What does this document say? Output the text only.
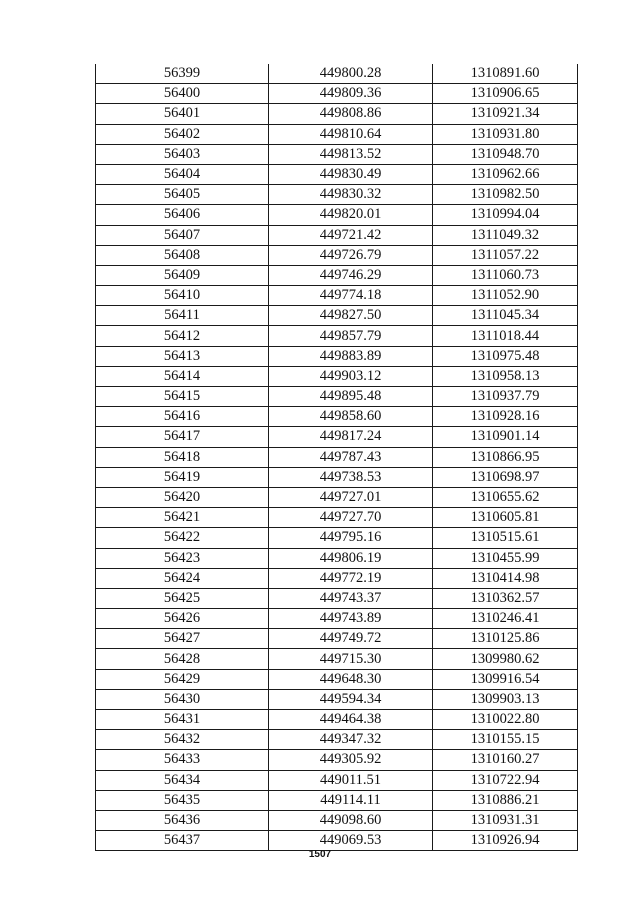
56399	449800.28	1310891.60
56400	449809.36	1310906.65
56401	449808.86	1310921.34
56402	449810.64	1310931.80
56403	449813.52	1310948.70
56404	449830.49	1310962.66
56405	449830.32	1310982.50
56406	449820.01	1310994.04
56407	449721.42	1311049.32
56408	449726.79	1311057.22
56409	449746.29	1311060.73
56410	449774.18	1311052.90
56411	449827.50	1311045.34
56412	449857.79	1311018.44
56413	449883.89	1310975.48
56414	449903.12	1310958.13
56415	449895.48	1310937.79
56416	449858.60	1310928.16
56417	449817.24	1310901.14
56418	449787.43	1310866.95
56419	449738.53	1310698.97
56420	449727.01	1310655.62
56421	449727.70	1310605.81
56422	449795.16	1310515.61
56423	449806.19	1310455.99
56424	449772.19	1310414.98
56425	449743.37	1310362.57
56426	449743.89	1310246.41
56427	449749.72	1310125.86
56428	449715.30	1309980.62
56429	449648.30	1309916.54
56430	449594.34	1309903.13
56431	449464.38	1310022.80
56432	449347.32	1310155.15
56433	449305.92	1310160.27
56434	449011.51	1310722.94
56435	449114.11	1310886.21
56436	449098.60	1310931.31
56437	449069.53	1310926.94
1507
